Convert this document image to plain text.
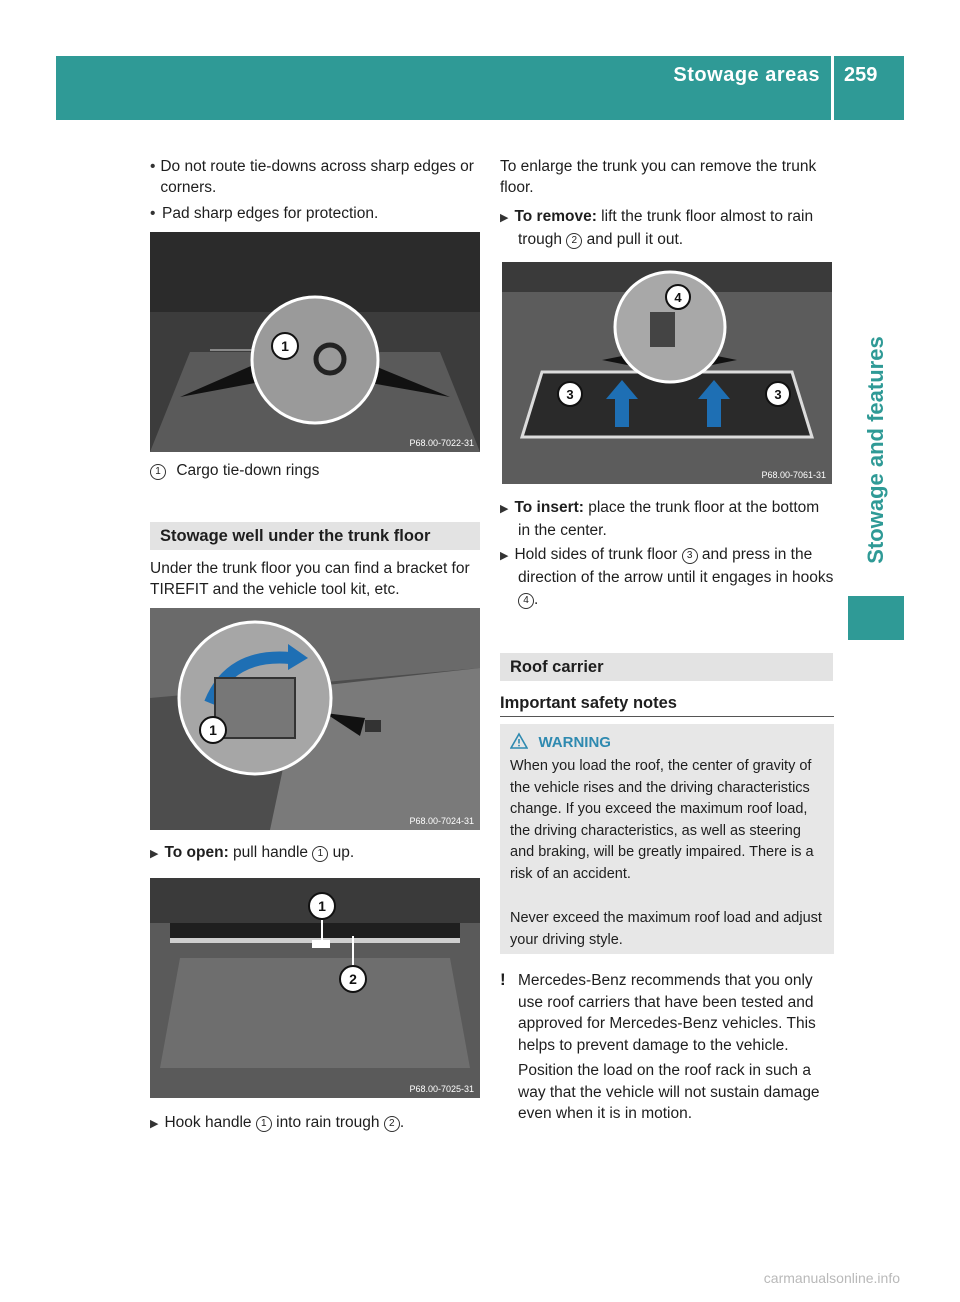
Stowage areas 259
Stowage and features
• Do not route tie-downs across sharp edges or corners.
• Pad sharp edges for protection.
1
P68.00-7022-31
1 Cargo tie-down rings
Stowage well under the trunk floor
Under the trunk floor you can find a bracket for TIREFIT and the vehicle tool kit, etc.
1
P68.00-7024-31
▶ To open: pull handle 1 up.
1
2
P68.00-7025-31
▶ Hook handle 1 into rain trough 2 .
To enlarge the trunk you can remove the trunk floor.
▶ To remove: lift the trunk floor almost to rain trough 2 and pull it out.
4
3	3
P68.00-7061-31
▶ To insert: place the trunk floor at the bottom in the center.
▶ Hold sides of trunk floor 3 and press in the direction of the arrow until it engages in hooks 4 .
Roof carrier
Important safety notes
WARNING
When you load the roof, the center of gravity of the vehicle rises and the driving characteristics change. If you exceed the maximum roof load, the driving characteristics, as well as steering and braking, will be greatly impaired. There is a risk of an accident.
Never exceed the maximum roof load and adjust your driving style.
! Mercedes-Benz recommends that you only use roof carriers that have been tested and approved for Mercedes-Benz vehicles. This helps to prevent damage to the vehicle.
Position the load on the roof rack in such a way that the vehicle will not sustain damage even when it is in motion.
carmanualsonline.info
